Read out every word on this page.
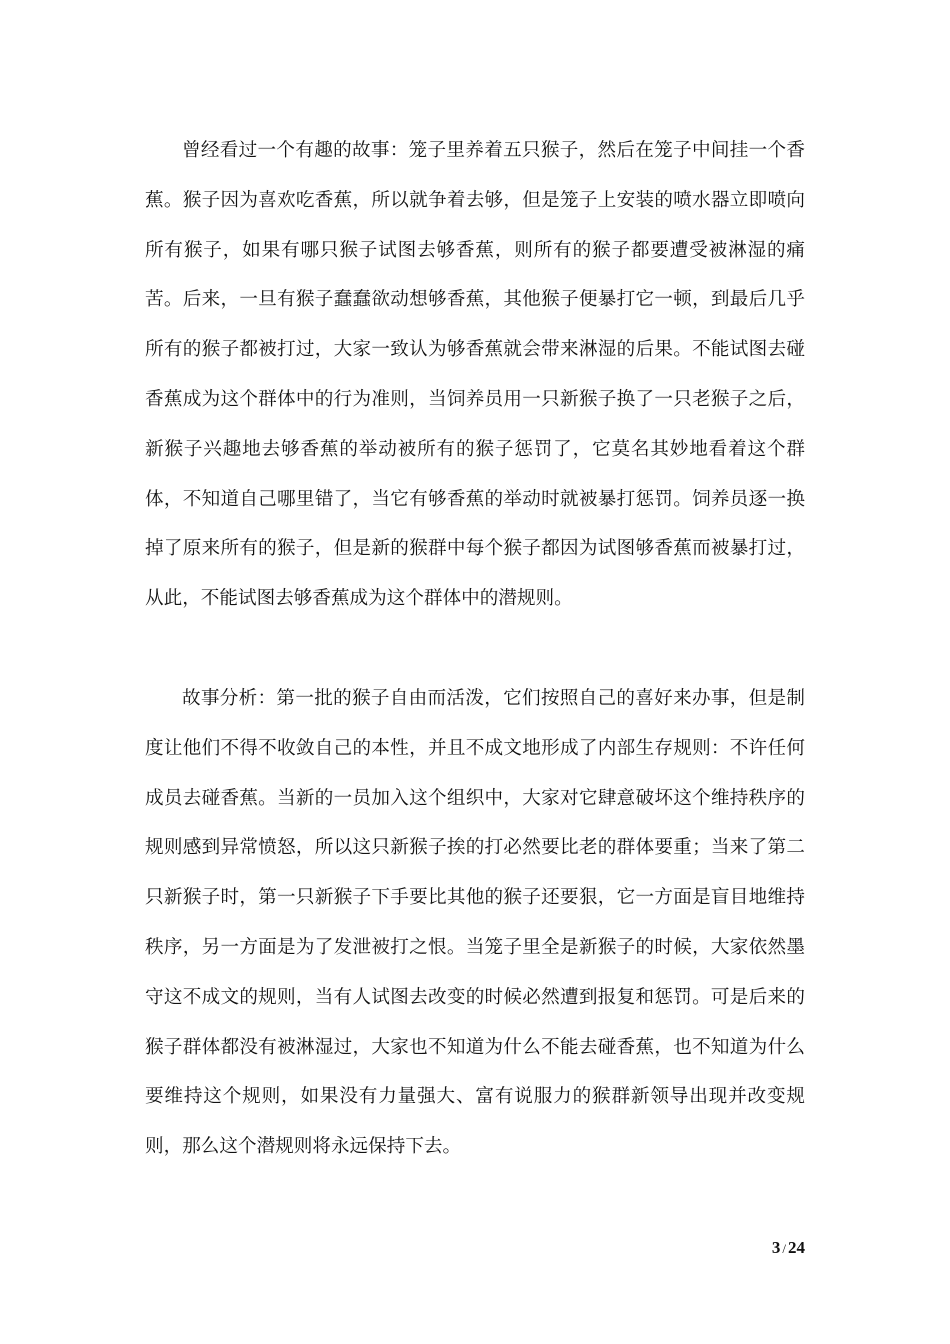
曾经看过一个有趣的故事：笼子里养着五只猴子，然后在笼子中间挂一个香蕉。猴子因为喜欢吃香蕉，所以就争着去够，但是笼子上安装的喷水器立即喷向所有猴子，如果有哪只猴子试图去够香蕉，则所有的猴子都要遭受被淋湿的痛苦。后来，一旦有猴子蠢蠢欲动想够香蕉，其他猴子便暴打它一顿，到最后几乎所有的猴子都被打过，大家一致认为够香蕉就会带来淋湿的后果。不能试图去碰香蕉成为这个群体中的行为准则，当饲养员用一只新猴子换了一只老猴子之后，新猴子兴趣地去够香蕉的举动被所有的猴子惩罚了，它莫名其妙地看着这个群体，不知道自己哪里错了，当它有够香蕉的举动时就被暴打惩罚。饲养员逐一换掉了原来所有的猴子，但是新的猴群中每个猴子都因为试图够香蕉而被暴打过，从此，不能试图去够香蕉成为这个群体中的潜规则。

故事分析：第一批的猴子自由而活泼，它们按照自己的喜好来办事，但是制度让他们不得不收敛自己的本性，并且不成文地形成了内部生存规则：不许任何成员去碰香蕉。当新的一员加入这个组织中，大家对它肆意破坏这个维持秩序的规则感到异常愤怒，所以这只新猴子挨的打必然要比老的群体要重；当来了第二只新猴子时，第一只新猴子下手要比其他的猴子还要狠，它一方面是盲目地维持秩序，另一方面是为了发泄被打之恨。当笼子里全是新猴子的时候，大家依然墨守这不成文的规则，当有人试图去改变的时候必然遭到报复和惩罚。可是后来的猴子群体都没有被淋湿过，大家也不知道为什么不能去碰香蕉，也不知道为什么要维持这个规则，如果没有力量强大、富有说服力的猴群新领导出现并改变规则，那么这个潜规则将永远保持下去。

3 / 24
